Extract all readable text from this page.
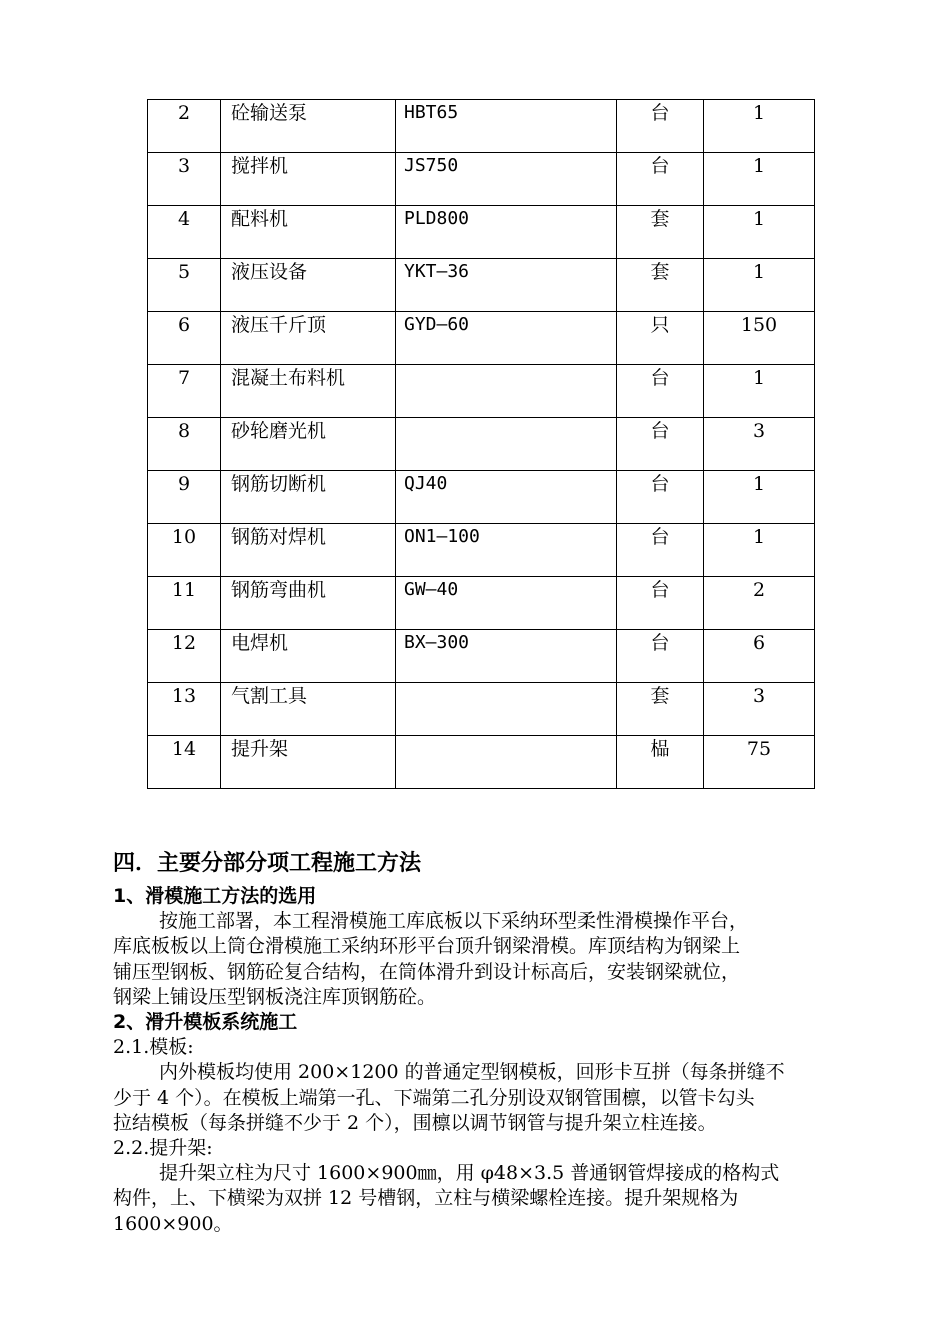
2	砼输送泵	HBT65	台	1

3	搅拌机	JS750	台	1

4	配料机	PLD800	套	1

5	液压设备	YKT—36	套	1

6	液压千斤顶	GYD—60	只	150

7	混凝土布料机		台	1

8	砂轮磨光机		台	3

9	钢筋切断机	QJ40	台	1

10	钢筋对焊机	ON1—100	台	1

11	钢筋弯曲机	GW—40	台	2

12	电焊机	BX—300	台	6

13	气割工具		套	3

14	提升架		榀	75
四．主要分部分项工程施工方法
1、滑模施工方法的选用
按施工部署，本工程滑模施工库底板以下采纳环型柔性滑模操作平台，
库底板板以上筒仓滑模施工采纳环形平台顶升钢梁滑模。库顶结构为钢梁上
铺压型钢板、钢筋砼复合结构，在筒体滑升到设计标高后，安装钢梁就位，
钢梁上铺设压型钢板浇注库顶钢筋砼。
2、滑升模板系统施工
2.1.模板:
内外模板均使用 200×1200 的普通定型钢模板，回形卡互拼（每条拼缝不
少于 4 个）。在模板上端第一孔、下端第二孔分别设双钢管围檩，以管卡勾头
拉结模板（每条拼缝不少于 2 个），围檩以调节钢管与提升架立柱连接。
2.2.提升架:
提升架立柱为尺寸 1600×900㎜，用 φ48×3.5 普通钢管焊接成的格构式
构件，上、下横梁为双拼 12 号槽钢，立柱与横梁螺栓连接。提升架规格为
1600×900。
